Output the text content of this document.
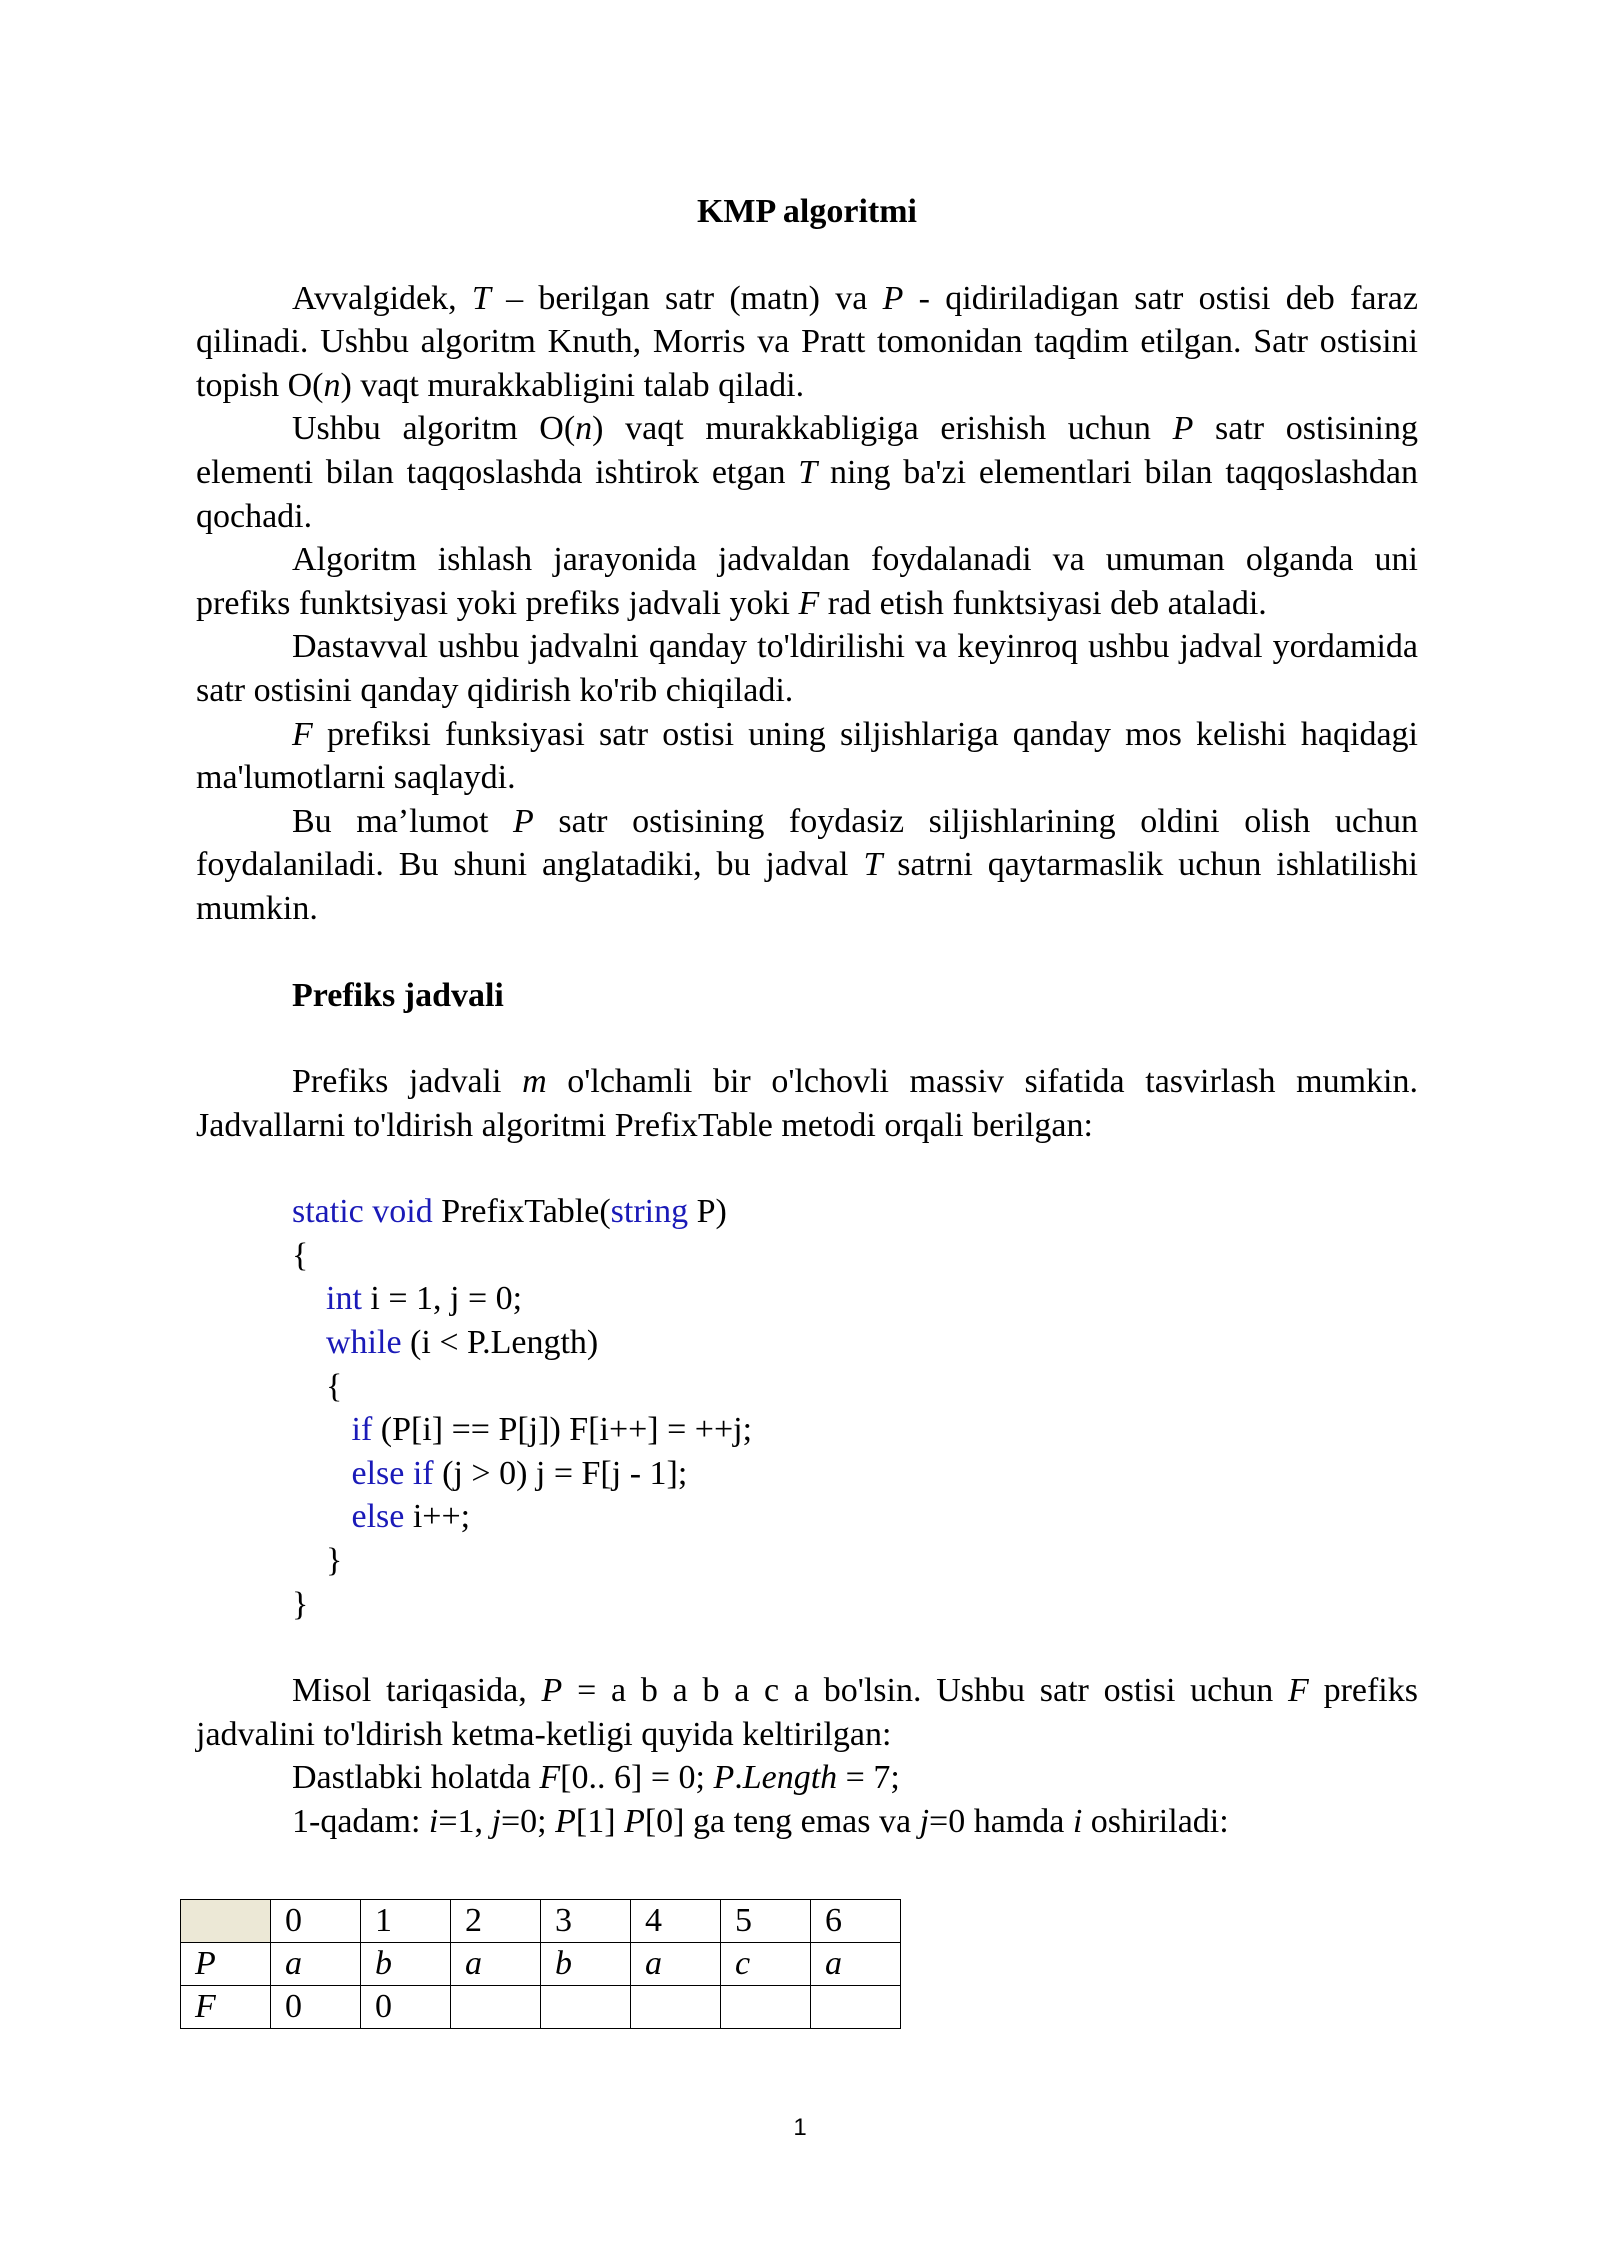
KMP algoritmi

Avvalgidek, T – berilgan satr (matn) va P - qidiriladigan satr ostisi deb faraz qilinadi. Ushbu algoritm Knuth, Morris va Pratt tomonidan taqdim etilgan. Satr ostisini topish O(n) vaqt murakkabligini talab qiladi.

Ushbu algoritm O(n) vaqt murakkabligiga erishish uchun P satr ostisining elementi bilan taqqoslashda ishtirok etgan T ning ba'zi elementlari bilan taqqoslashdan qochadi.

Algoritm ishlash jarayonida jadvaldan foydalanadi va umuman olganda uni prefiks funktsiyasi yoki prefiks jadvali yoki F rad etish funktsiyasi deb ataladi.

Dastavval ushbu jadvalni qanday to'ldirilishi va keyinroq ushbu jadval yordamida satr ostisini qanday qidirish ko'rib chiqiladi.

F prefiksi funksiyasi satr ostisi uning siljishlariga qanday mos kelishi haqidagi ma'lumotlarni saqlaydi.

Bu ma’lumot P satr ostisining foydasiz siljishlarining oldini olish uchun foydalaniladi. Bu shuni anglatadiki, bu jadval T satrni qaytarmaslik uchun ishlatilishi mumkin.

Prefiks jadvali

Prefiks jadvali m o'lchamli bir o'lchovli massiv sifatida tasvirlash mumkin. Jadvallarni to'ldirish algoritmi PrefixTable metodi orqali berilgan:

static void PrefixTable(string P)
{
int i = 1, j = 0;
while (i < P.Length)
{
if (P[i] == P[j]) F[i++] = ++j;
else if (j > 0) j = F[j - 1];
else i++;
}
}

Misol tariqasida, P = a b a b a c a bo'lsin. Ushbu satr ostisi uchun F prefiks jadvalini to'ldirish ketma-ketligi quyida keltirilgan:

Dastlabki holatda F[0.. 6] = 0; P.Length = 7;

1-qadam: i=1, j=0; P[1] P[0] ga teng emas va j=0 hamda i oshiriladi:

	0	1	2	3	4	5	6
P	a	b	a	b	a	c	a
F	0	0					
1
